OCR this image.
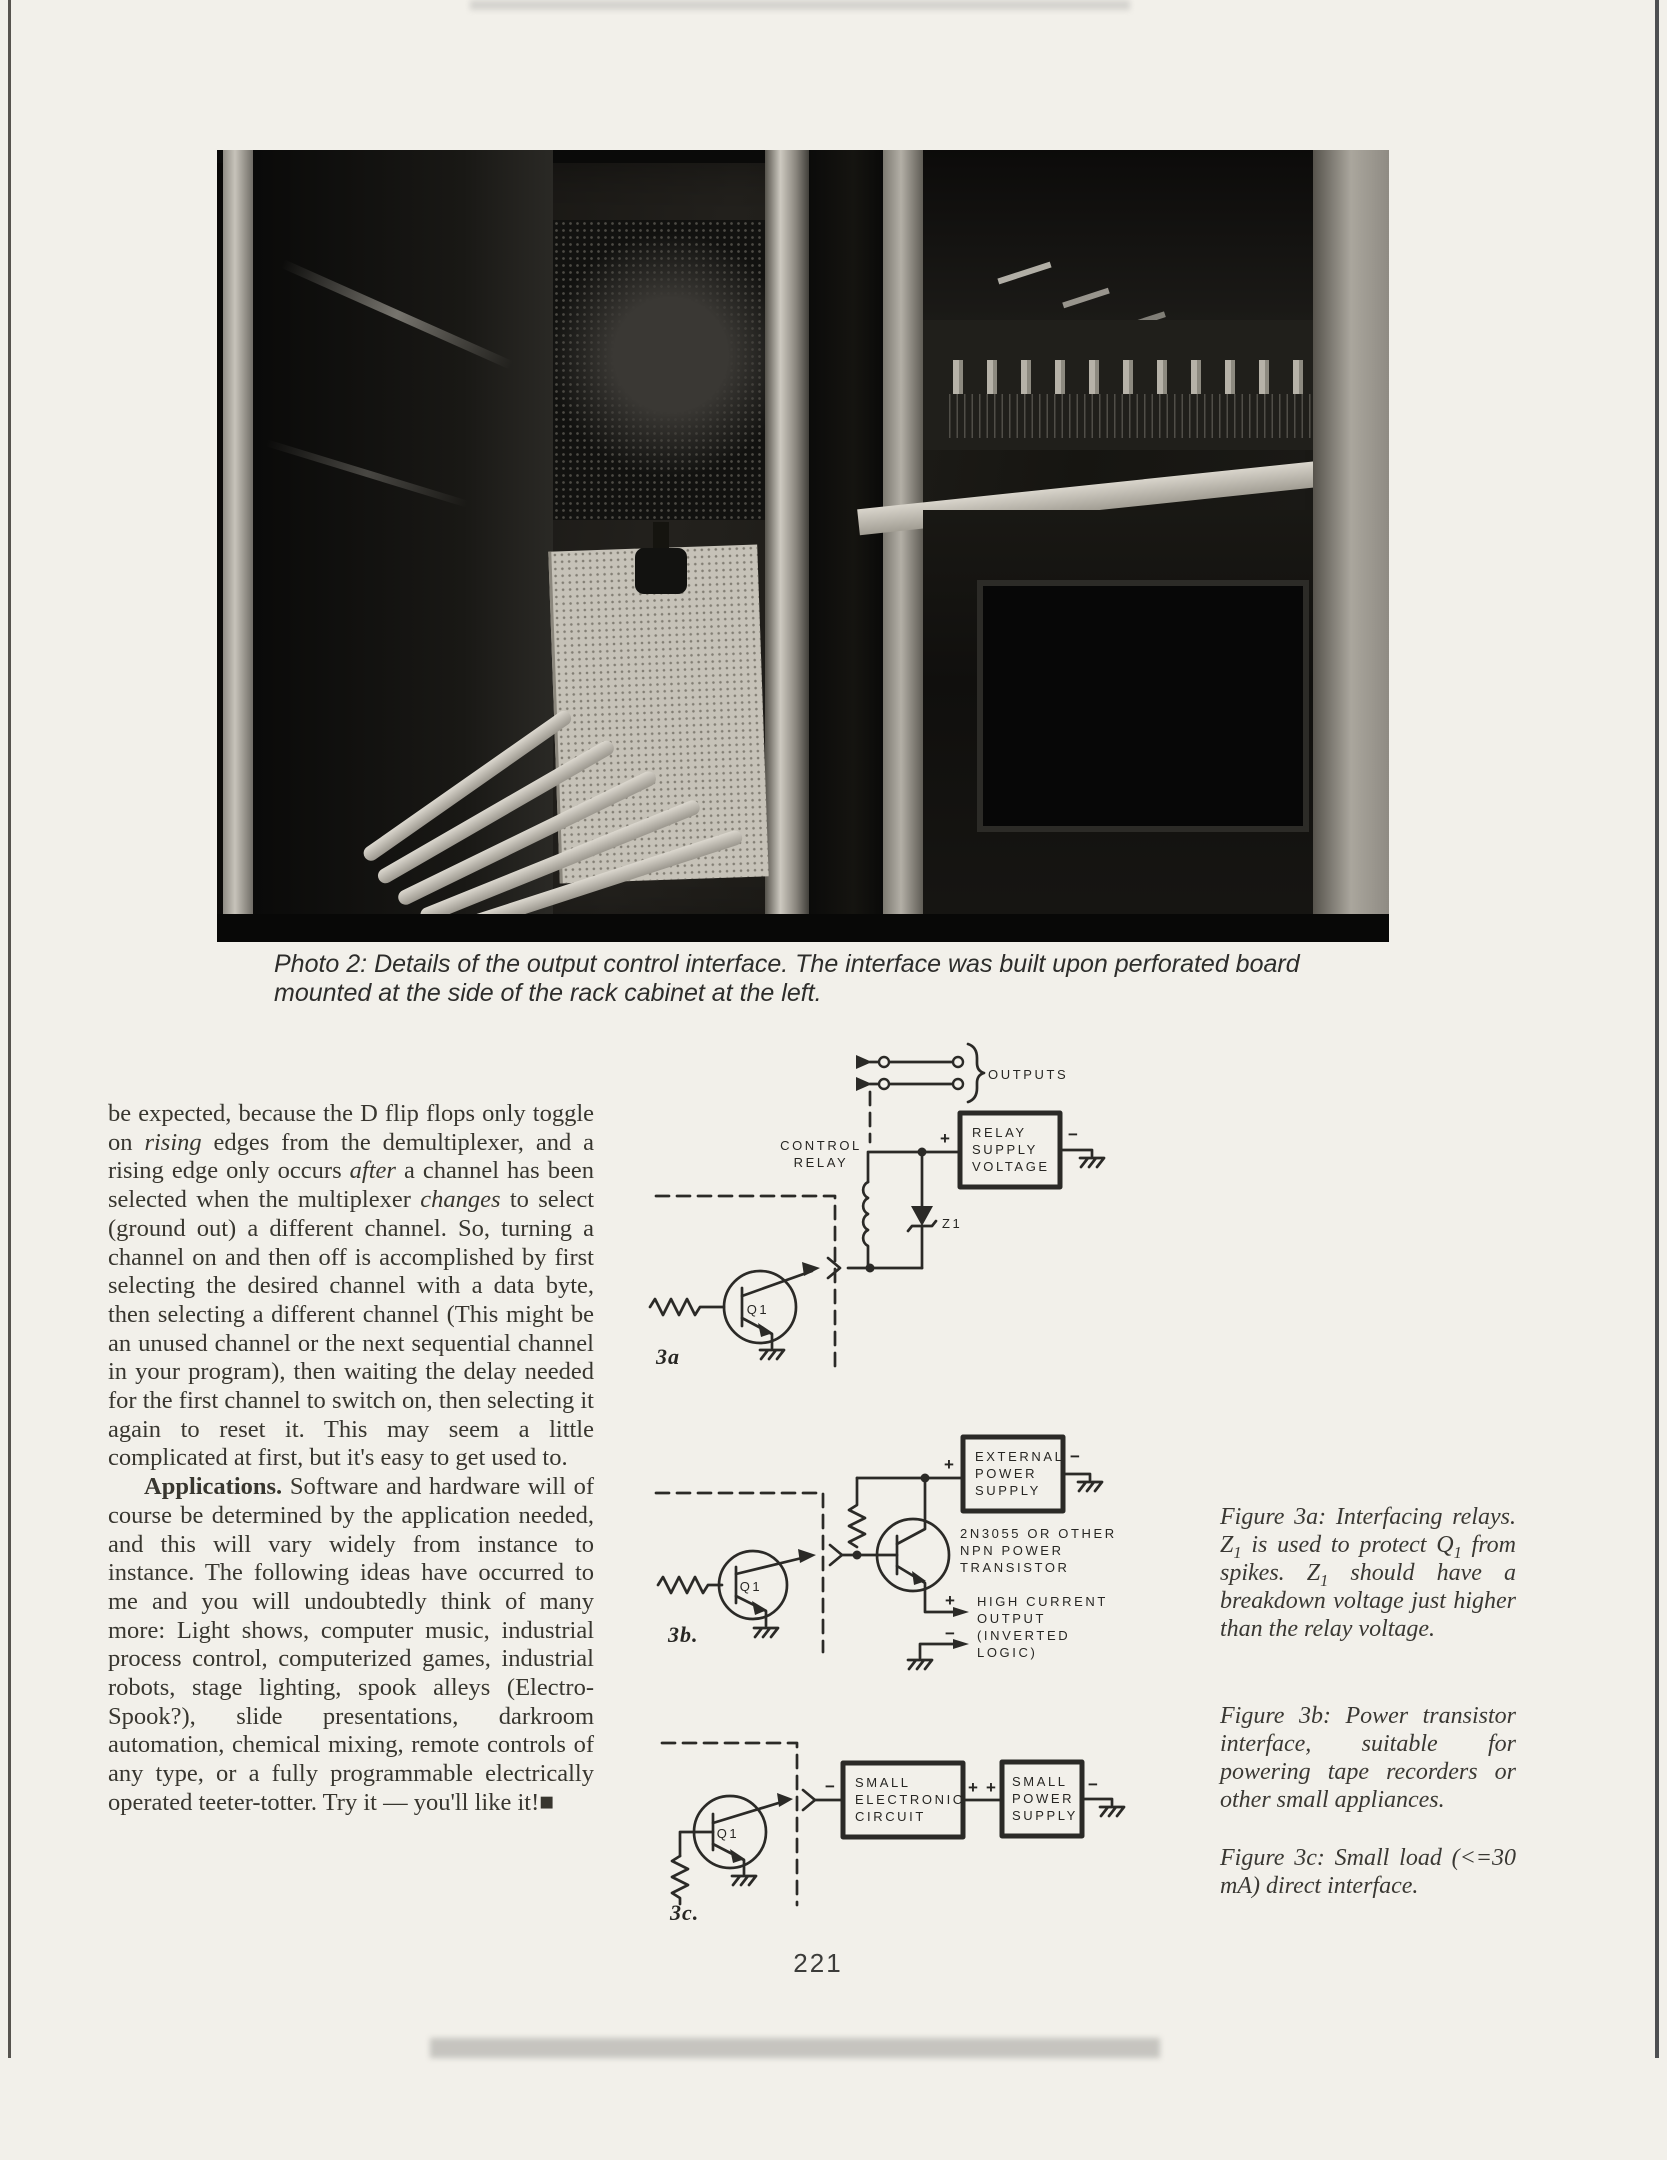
Photo 2: Details of the output control interface. The interface was built upon perforated board mounted at the side of the rack cabinet at the left.

be expected, because the D flip flops only toggle on rising edges from the demultiplexer, and a rising edge only occurs after a channel has been selected when the multiplexer changes to select (ground out) a different channel. So, turning a channel on and then off is accomplished by first selecting the desired channel with a data byte, then selecting a different channel (This might be an unused channel or the next sequential channel in your program), then waiting the delay needed for the first channel to switch on, then selecting it again to reset it. This may seem a little complicated at first, but it's easy to get used to.

Applications. Software and hardware will of course be determined by the application needed, and this will vary widely from instance to instance. The following ideas have occurred to me and you will undoubtedly think of many more: Light shows, computer music, industrial process control, computerized games, industrial robots, stage lighting, spook alleys (Electro-Spook?), slide presentations, darkroom automation, chemical mixing, remote controls of any type, or a fully programmable electrically operated teeter-totter. Try it — you'll like it!■

OUTPUTS
CONTROL
RELAY
Z1
RELAY
SUPPLY
VOLTAGE
+	−
Q1
3a
Q1
3b.
2N3055 OR OTHER
NPN POWER
TRANSISTOR
EXTERNAL
POWER
SUPPLY
+	−
+
−
HIGH CURRENT
OUTPUT
(INVERTED
LOGIC)
Q1
3c.
− SMALL
ELECTRONIC
CIRCUIT
+ + SMALL
POWER
SUPPLY
−
Figure 3a: Interfacing relays. $Z_1$ is used to protect $Q_1$ from spikes. $Z_1$ should have a breakdown voltage just higher than the relay voltage.
Figure 3b: Power transistor interface, suitable for powering tape recorders or other small appliances.
Figure 3c: Small load (<=30 mA) direct interface.
221
